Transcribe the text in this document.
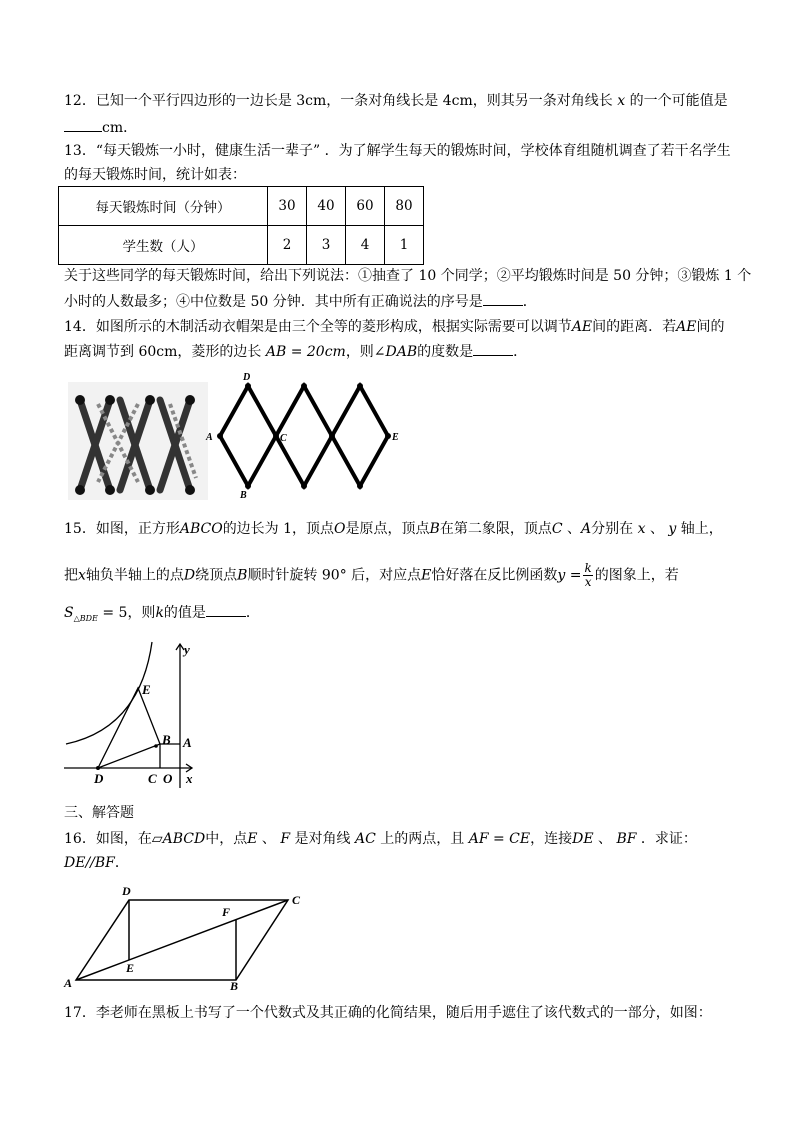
12．已知一个平行四边形的一边长是 3cm，一条对角线长是 4cm，则其另一条对角线长 x 的一个可能值是
cm．
13．“每天锻炼一小时，健康生活一辈子” ．为了解学生每天的锻炼时间，学校体育组随机调查了若干名学生
的每天锻炼时间，统计如表：
每天锻炼时间（分钟）	30	40	60	80
学生数（人）	2	3	4	1
关于这些同学的每天锻炼时间，给出下列说法：①抽查了 10 个同学；②平均锻炼时间是 50 分钟；③锻炼 1 个
小时的人数最多；④中位数是 50 分钟．其中所有正确说法的序号是	．
14．如图所示的木制活动衣帽架是由三个全等的菱形构成，根据实际需要可以调节AE间的距离．若AE间的
距离调节到 60cm，菱形的边长 AB = 20cm，则∠DAB的度数是	．
D
A	C	E
B
15．如图，正方形ABCO的边长为 1，顶点O是原点，顶点B在第二象限，顶点C 、A分别在 x 、 y 轴上，
把x轴负半轴上的点D绕顶点B顺时针旋转 90° 后，对应点E恰好落在反比例函数$y = \frac{k}{x}$ 的图象上，若
$S_{\triangle BDE} = 5$，则k的值是	．
y
E
B A
D	C O x
三、解答题
16．如图，在▱ABCD中，点E 、 F 是对角线 AC 上的两点，且 AF = CE，连接DE 、 BF ．求证：
DE//BF．
D
C
F
A
E
B
17．李老师在黑板上书写了一个代数式及其正确的化简结果，随后用手遮住了该代数式的一部分，如图：
